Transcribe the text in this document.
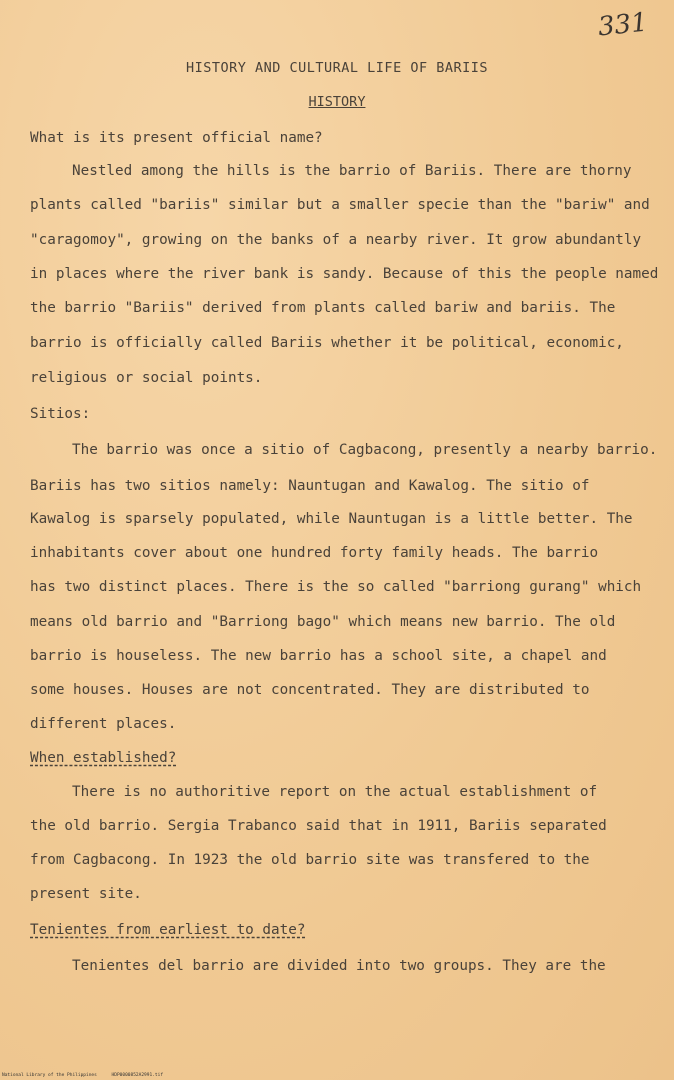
331
HISTORY AND CULTURAL LIFE OF BARIIS
HISTORY
What is its present official name?
Nestled among the hills is the barrio of Bariis. There are thorny
plants called "bariis" similar but a smaller specie than the "bariw" and
"caragomoy", growing on the banks of a nearby river. It grow abundantly
in places where the river bank is sandy. Because of this the people named
the barrio "Bariis" derived from plants called bariw and bariis. The
barrio is officially called Bariis whether it be political, economic,
religious or social points.
Sitios:
The barrio was once a sitio of Cagbacong, presently a nearby barrio.
Bariis has two sitios namely: Nauntugan and Kawalog. The sitio of
Kawalog is sparsely populated, while Nauntugan is a little better. The
inhabitants cover about one hundred forty family heads. The barrio
has two distinct places. There is the so called "barriong gurang" which
means old barrio and "Barriong bago" which means new barrio. The old
barrio is houseless. The new barrio has a school site, a chapel and
some houses. Houses are not concentrated. They are distributed to
different places.
When established?
There is no authoritive report on the actual establishment of
the old barrio. Sergia Trabanco said that in 1911, Bariis separated
from Cagbacong. In 1923 the old barrio site was transfered to the
present site.
Tenientes from earliest to date?
Tenientes del barrio are divided into two groups. They are the
National Library of the Philippines	HDP0000852A2991.tif
